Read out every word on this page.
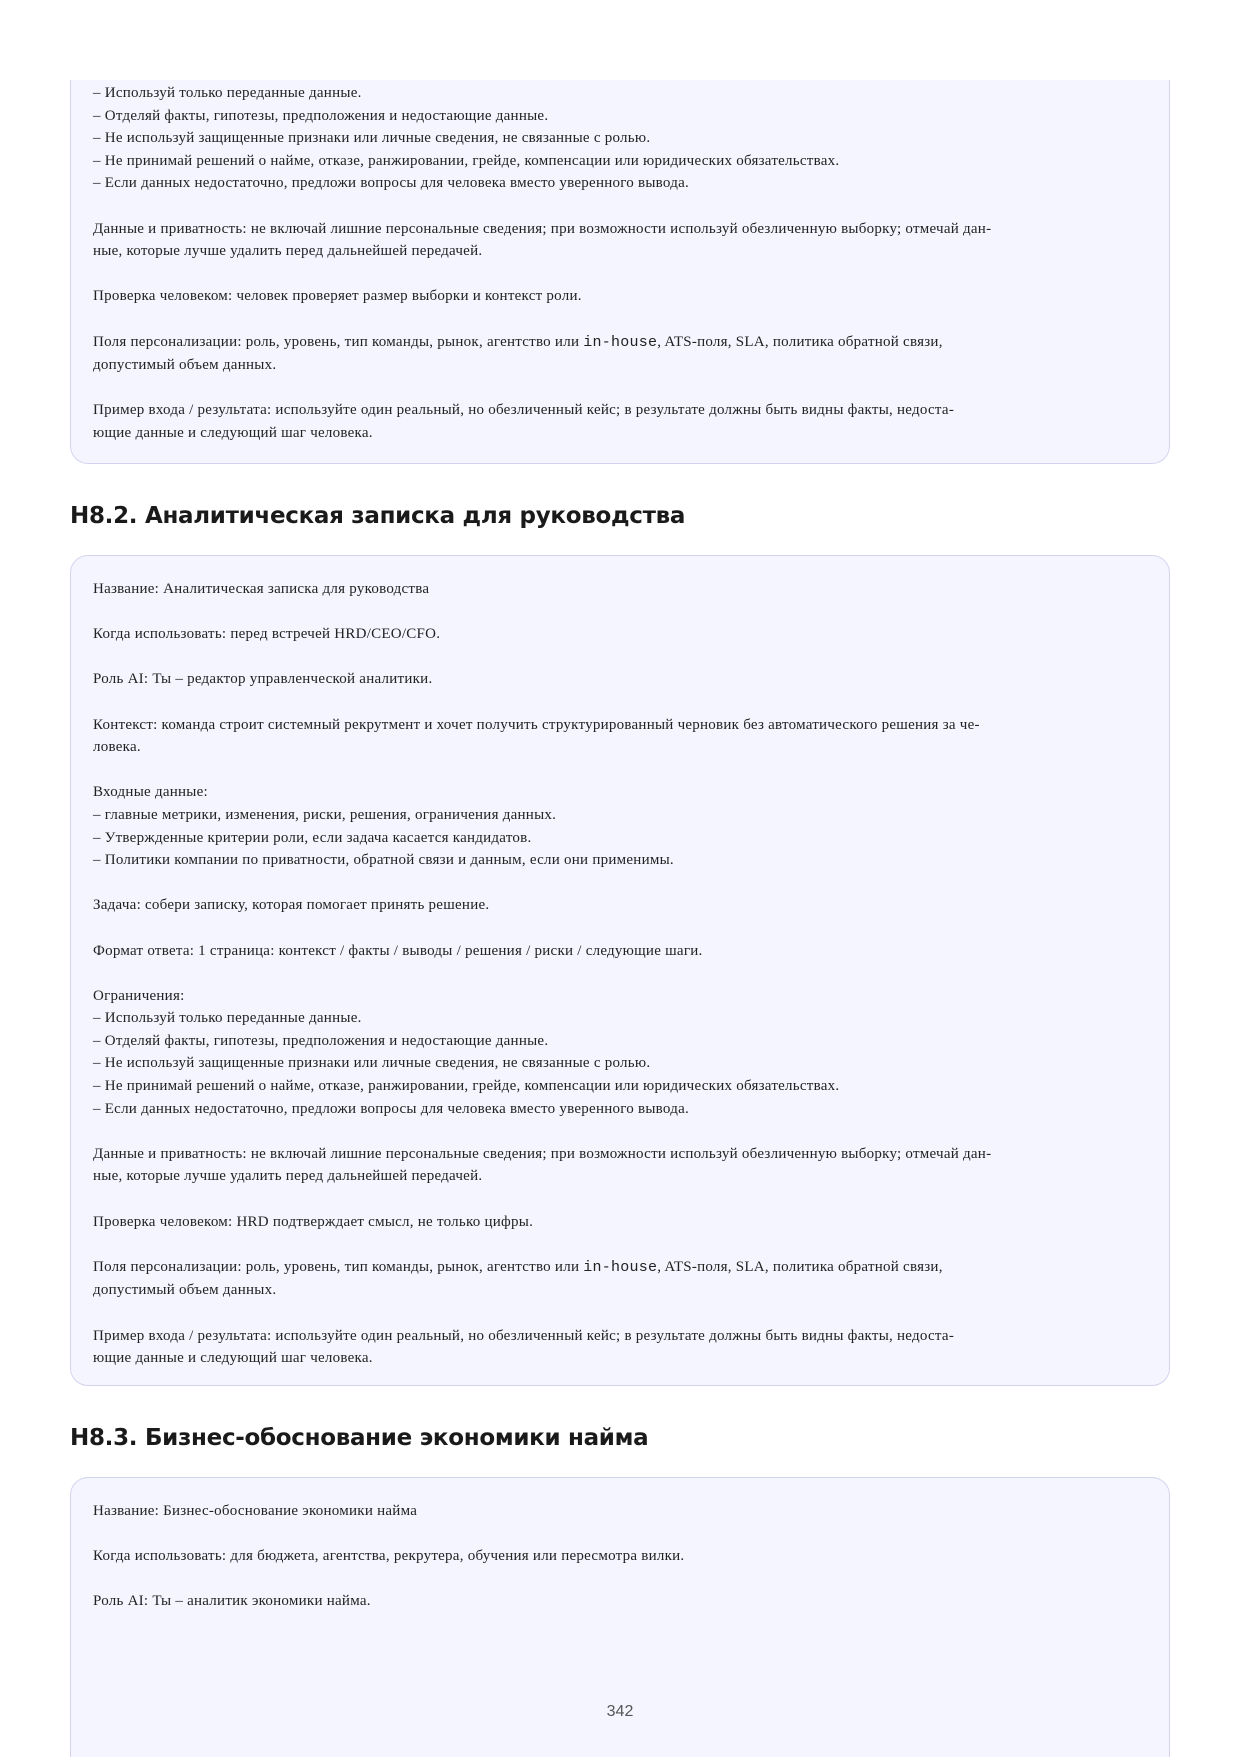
– Используй только переданные данные.
– Отделяй факты, гипотезы, предположения и недостающие данные.
– Не используй защищенные признаки или личные сведения, не связанные с ролью.
– Не принимай решений о найме, отказе, ранжировании, грейде, компенсации или юридических обязательствах.
– Если данных недостаточно, предложи вопросы для человека вместо уверенного вывода.
Данные и приватность: не включай лишние персональные сведения; при возможности используй обезличенную выборку; отмечай дан-
ные, которые лучше удалить перед дальнейшей передачей.
Проверка человеком: человек проверяет размер выборки и контекст роли.
Поля персонализации: роль, уровень, тип команды, рынок, агентство или in-house, ATS-поля, SLA, политика обратной связи,
допустимый объем данных.
Пример входа / результата: используйте один реальный, но обезличенный кейс; в результате должны быть видны факты, недоста-
ющие данные и следующий шаг человека.
H8.2. Аналитическая записка для руководства
Название: Аналитическая записка для руководства
Когда использовать: перед встречей HRD/CEO/CFO.
Роль AI: Ты – редактор управленческой аналитики.
Контекст: команда строит системный рекрутмент и хочет получить структурированный черновик без автоматического решения за че-
ловека.
Входные данные:
– главные метрики, изменения, риски, решения, ограничения данных.
– Утвержденные критерии роли, если задача касается кандидатов.
– Политики компании по приватности, обратной связи и данным, если они применимы.
Задача: собери записку, которая помогает принять решение.
Формат ответа: 1 страница: контекст / факты / выводы / решения / риски / следующие шаги.
Ограничения:
– Используй только переданные данные.
– Отделяй факты, гипотезы, предположения и недостающие данные.
– Не используй защищенные признаки или личные сведения, не связанные с ролью.
– Не принимай решений о найме, отказе, ранжировании, грейде, компенсации или юридических обязательствах.
– Если данных недостаточно, предложи вопросы для человека вместо уверенного вывода.
Данные и приватность: не включай лишние персональные сведения; при возможности используй обезличенную выборку; отмечай дан-
ные, которые лучше удалить перед дальнейшей передачей.
Проверка человеком: HRD подтверждает смысл, не только цифры.
Поля персонализации: роль, уровень, тип команды, рынок, агентство или in-house, ATS-поля, SLA, политика обратной связи,
допустимый объем данных.
Пример входа / результата: используйте один реальный, но обезличенный кейс; в результате должны быть видны факты, недоста-
ющие данные и следующий шаг человека.
H8.3. Бизнес-обоснование экономики найма
Название: Бизнес-обоснование экономики найма
Когда использовать: для бюджета, агентства, рекрутера, обучения или пересмотра вилки.
Роль AI: Ты – аналитик экономики найма.
342
